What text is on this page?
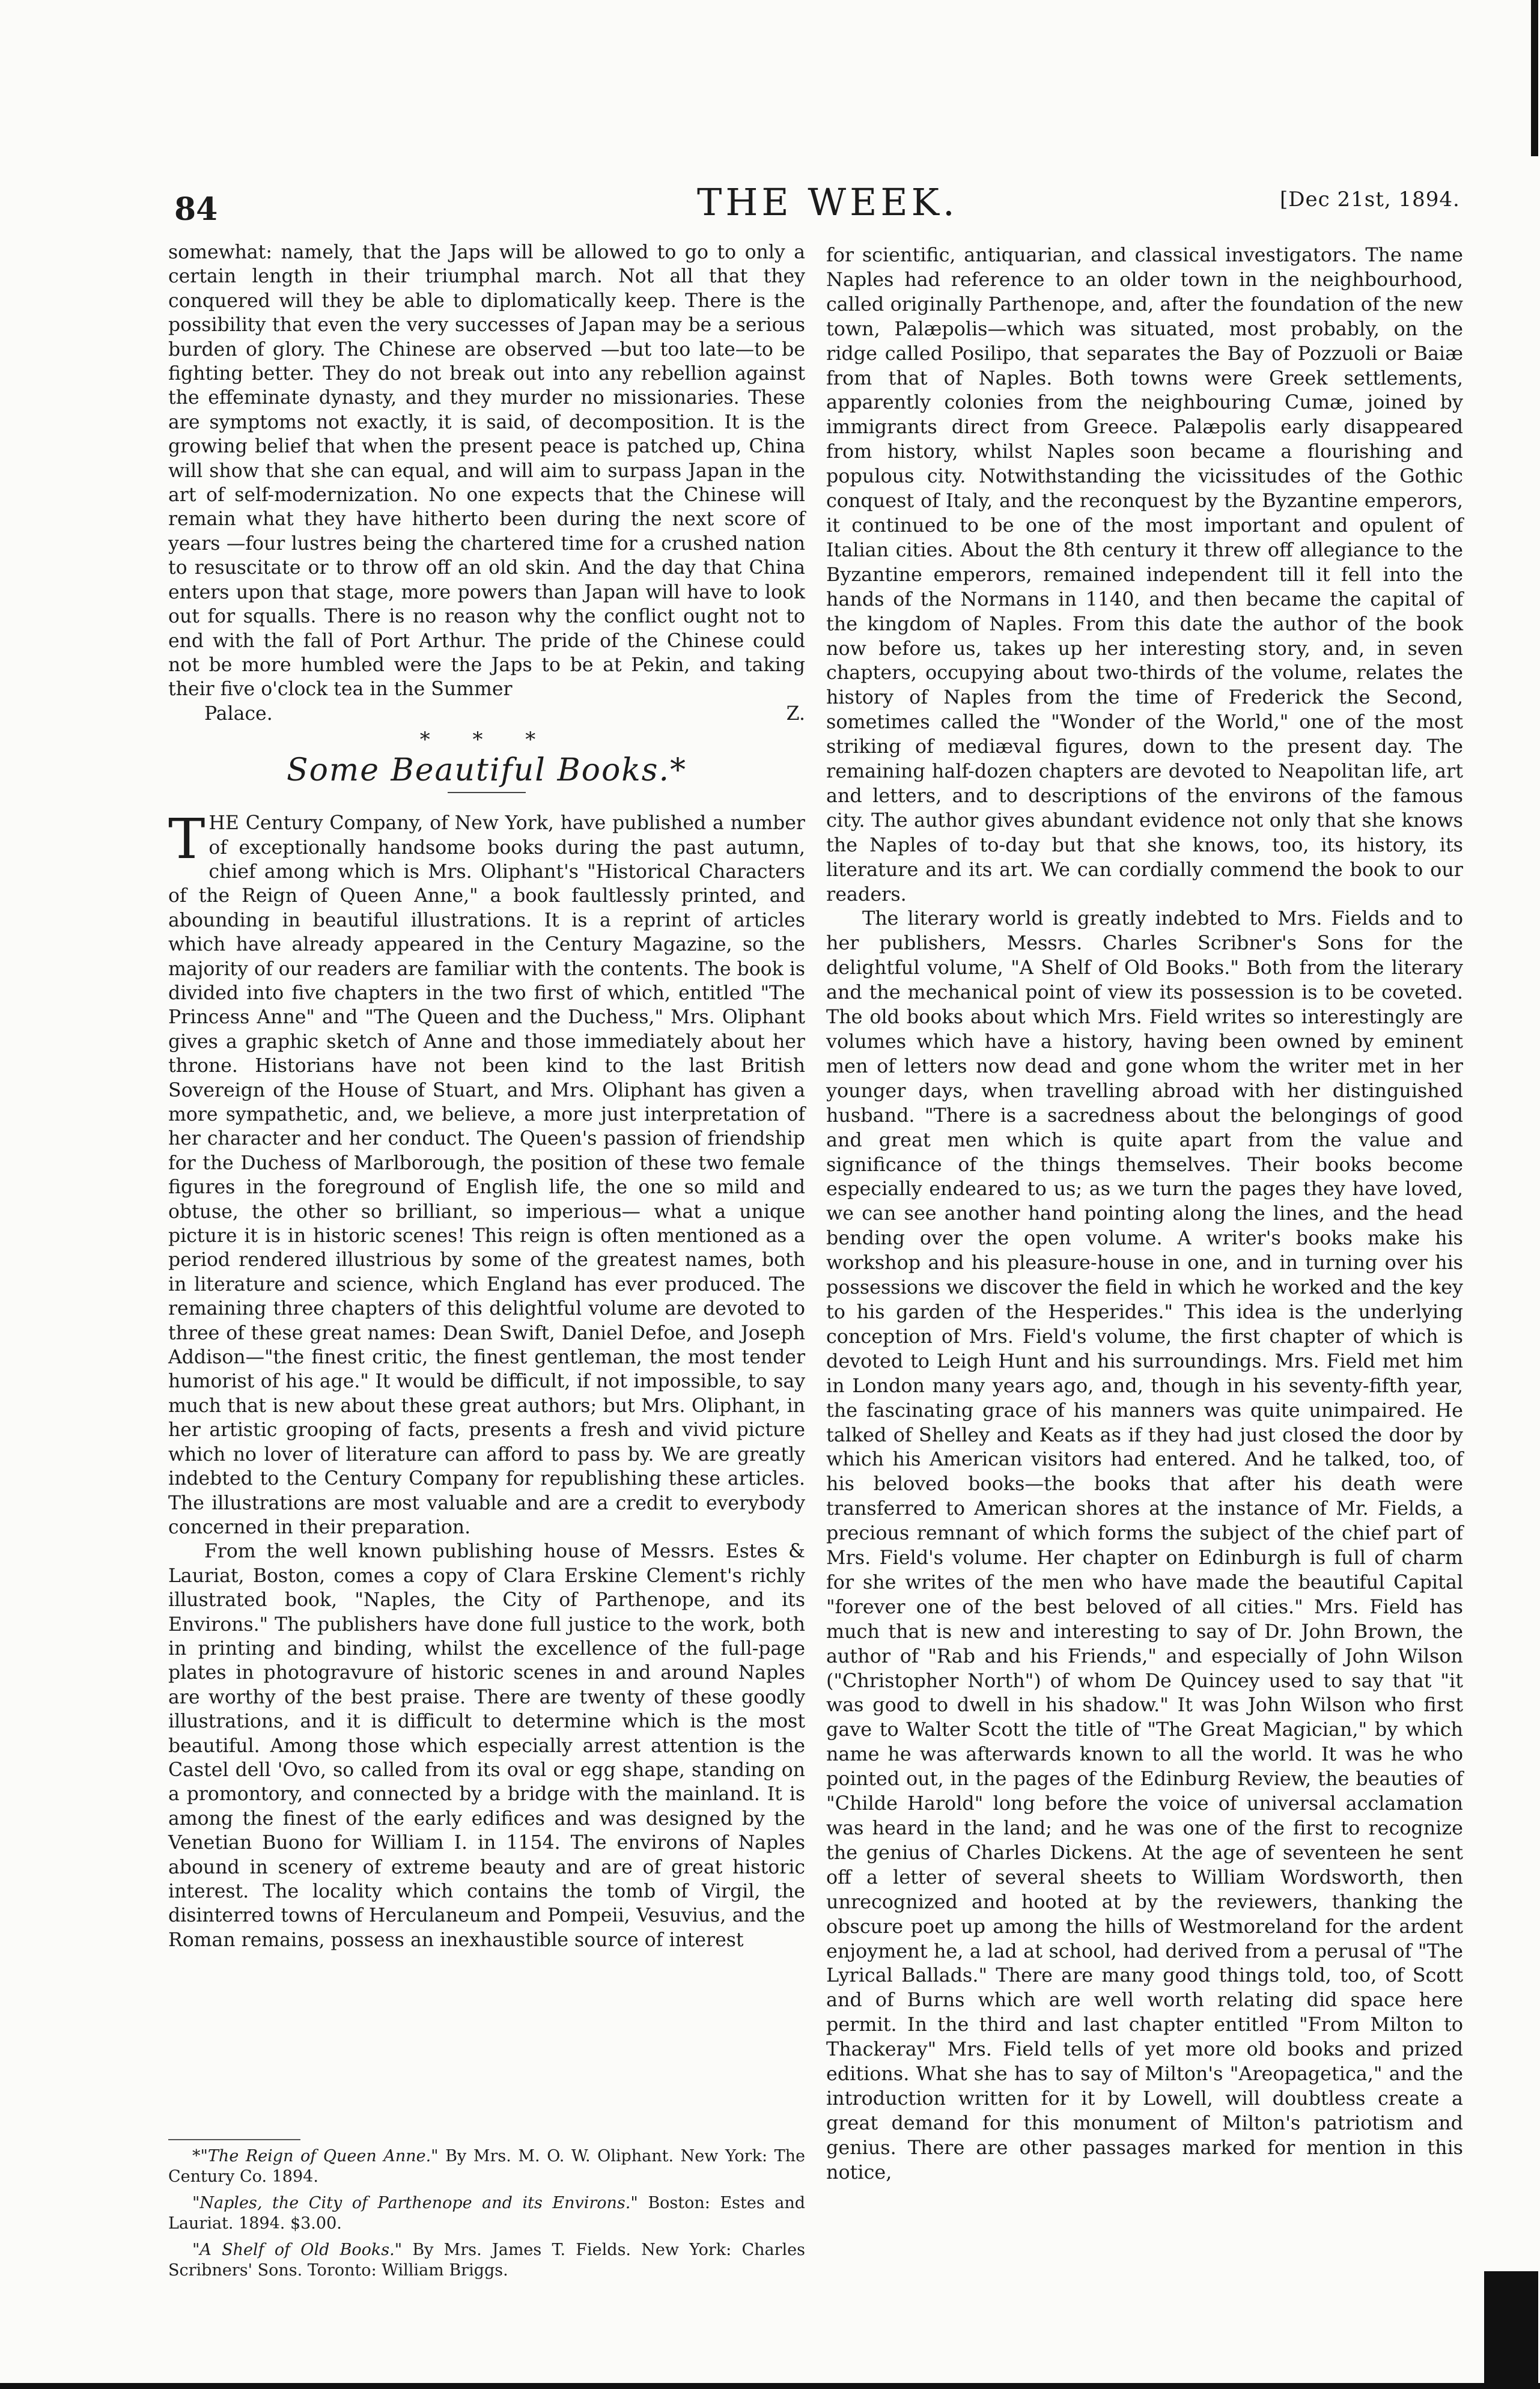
84	THE WEEK.	[Dec 21st, 1894.

somewhat: namely, that the Japs will be allowed to go to only a certain length in their triumphal march. Not all that they conquered will they be able to diplomatically keep. There is the possibility that even the very successes of Japan may be a serious burden of glory. The Chinese are observed —but too late—to be fighting better. They do not break out into any rebellion against the effeminate dynasty, and they murder no missionaries. These are symptoms not exactly, it is said, of decomposition. It is the growing belief that when the present peace is patched up, China will show that she can equal, and will aim to surpass Japan in the art of self-modernization. No one expects that the Chinese will remain what they have hitherto been during the next score of years —four lustres being the chartered time for a crushed nation to resuscitate or to throw off an old skin. And the day that China enters upon that stage, more powers than Japan will have to look out for squalls. There is no reason why the conflict ought not to end with the fall of Port Arthur. The pride of the Chinese could not be more humbled were the Japs to be at Pekin, and taking their five o'clock tea in the Summer

Z.
Palace.

* * *
Some Beautiful Books.*

THE Century Company, of New York, have published a number of exceptionally handsome books during the past autumn, chief among which is Mrs. Oliphant's "Historical Characters of the Reign of Queen Anne," a book faultlessly printed, and abounding in beautiful illustrations. It is a reprint of articles which have already appeared in the Century Magazine, so the majority of our readers are familiar with the contents. The book is divided into five chapters in the two first of which, entitled "The Princess Anne" and "The Queen and the Duchess," Mrs. Oliphant gives a graphic sketch of Anne and those immediately about her throne. Historians have not been kind to the last British Sovereign of the House of Stuart, and Mrs. Oliphant has given a more sympathetic, and, we believe, a more just interpretation of her character and her conduct. The Queen's passion of friendship for the Duchess of Marlborough, the position of these two female figures in the foreground of English life, the one so mild and obtuse, the other so brilliant, so imperious— what a unique picture it is in historic scenes! This reign is often mentioned as a period rendered illustrious by some of the greatest names, both in literature and science, which England has ever produced. The remaining three chapters of this delightful volume are devoted to three of these great names: Dean Swift, Daniel Defoe, and Joseph Addison—"the finest critic, the finest gentleman, the most tender humorist of his age." It would be difficult, if not impossible, to say much that is new about these great authors; but Mrs. Oliphant, in her artistic grooping of facts, presents a fresh and vivid picture which no lover of literature can afford to pass by. We are greatly indebted to the Century Company for republishing these articles. The illustrations are most valuable and are a credit to everybody concerned in their preparation.

From the well known publishing house of Messrs. Estes & Lauriat, Boston, comes a copy of Clara Erskine Clement's richly illustrated book, "Naples, the City of Parthenope, and its Environs." The publishers have done full justice to the work, both in printing and binding, whilst the excellence of the full-page plates in photogravure of historic scenes in and around Naples are worthy of the best praise. There are twenty of these goodly illustrations, and it is difficult to determine which is the most beautiful. Among those which especially arrest attention is the Castel dell 'Ovo, so called from its oval or egg shape, standing on a promontory, and connected by a bridge with the mainland. It is among the finest of the early edifices and was designed by the Venetian Buono for William I. in 1154. The environs of Naples abound in scenery of extreme beauty and are of great historic interest. The locality which contains the tomb of Virgil, the disinterred towns of Herculaneum and Pompeii, Vesuvius, and the Roman remains, possess an inexhaustible source of interest

*"The Reign of Queen Anne." By Mrs. M. O. W. Oliphant. New York: The Century Co. 1894.

"Naples, the City of Parthenope and its Environs." Boston: Estes and Lauriat. 1894. $3.00.

"A Shelf of Old Books." By Mrs. James T. Fields. New York: Charles Scribners' Sons. Toronto: William Briggs.

for scientific, antiquarian, and classical investigators. The name Naples had reference to an older town in the neighbourhood, called originally Parthenope, and, after the foundation of the new town, Palæpolis—which was situated, most probably, on the ridge called Posilipo, that separates the Bay of Pozzuoli or Baiæ from that of Naples. Both towns were Greek settlements, apparently colonies from the neighbouring Cumæ, joined by immigrants direct from Greece. Palæpolis early disappeared from history, whilst Naples soon became a flourishing and populous city. Notwithstanding the vicissitudes of the Gothic conquest of Italy, and the reconquest by the Byzantine emperors, it continued to be one of the most important and opulent of Italian cities. About the 8th century it threw off allegiance to the Byzantine emperors, remained independent till it fell into the hands of the Normans in 1140, and then became the capital of the kingdom of Naples. From this date the author of the book now before us, takes up her interesting story, and, in seven chapters, occupying about two-thirds of the volume, relates the history of Naples from the time of Frederick the Second, sometimes called the "Wonder of the World," one of the most striking of mediæval figures, down to the present day. The remaining half-dozen chapters are devoted to Neapolitan life, art and letters, and to descriptions of the environs of the famous city. The author gives abundant evidence not only that she knows the Naples of to-day but that she knows, too, its history, its literature and its art. We can cordially commend the book to our readers.

The literary world is greatly indebted to Mrs. Fields and to her publishers, Messrs. Charles Scribner's Sons for the delightful volume, "A Shelf of Old Books." Both from the literary and the mechanical point of view its possession is to be coveted. The old books about which Mrs. Field writes so interestingly are volumes which have a history, having been owned by eminent men of letters now dead and gone whom the writer met in her younger days, when travelling abroad with her distinguished husband. "There is a sacredness about the belongings of good and great men which is quite apart from the value and significance of the things themselves. Their books become especially endeared to us; as we turn the pages they have loved, we can see another hand pointing along the lines, and the head bending over the open volume. A writer's books make his workshop and his pleasure-house in one, and in turning over his possessions we discover the field in which he worked and the key to his garden of the Hesperides." This idea is the underlying conception of Mrs. Field's volume, the first chapter of which is devoted to Leigh Hunt and his surroundings. Mrs. Field met him in London many years ago, and, though in his seventy-fifth year, the fascinating grace of his manners was quite unimpaired. He talked of Shelley and Keats as if they had just closed the door by which his American visitors had entered. And he talked, too, of his beloved books—the books that after his death were transferred to American shores at the instance of Mr. Fields, a precious remnant of which forms the subject of the chief part of Mrs. Field's volume. Her chapter on Edinburgh is full of charm for she writes of the men who have made the beautiful Capital "forever one of the best beloved of all cities." Mrs. Field has much that is new and interesting to say of Dr. John Brown, the author of "Rab and his Friends," and especially of John Wilson ("Christopher North") of whom De Quincey used to say that "it was good to dwell in his shadow." It was John Wilson who first gave to Walter Scott the title of "The Great Magician," by which name he was afterwards known to all the world. It was he who pointed out, in the pages of the Edinburg Review, the beauties of "Childe Harold" long before the voice of universal acclamation was heard in the land; and he was one of the first to recognize the genius of Charles Dickens. At the age of seventeen he sent off a letter of several sheets to William Wordsworth, then unrecognized and hooted at by the reviewers, thanking the obscure poet up among the hills of Westmoreland for the ardent enjoyment he, a lad at school, had derived from a perusal of "The Lyrical Ballads." There are many good things told, too, of Scott and of Burns which are well worth relating did space here permit. In the third and last chapter entitled "From Milton to Thackeray" Mrs. Field tells of yet more old books and prized editions. What she has to say of Milton's "Areopagetica," and the introduction written for it by Lowell, will doubtless create a great demand for this monument of Milton's patriotism and genius. There are other passages marked for mention in this notice,
